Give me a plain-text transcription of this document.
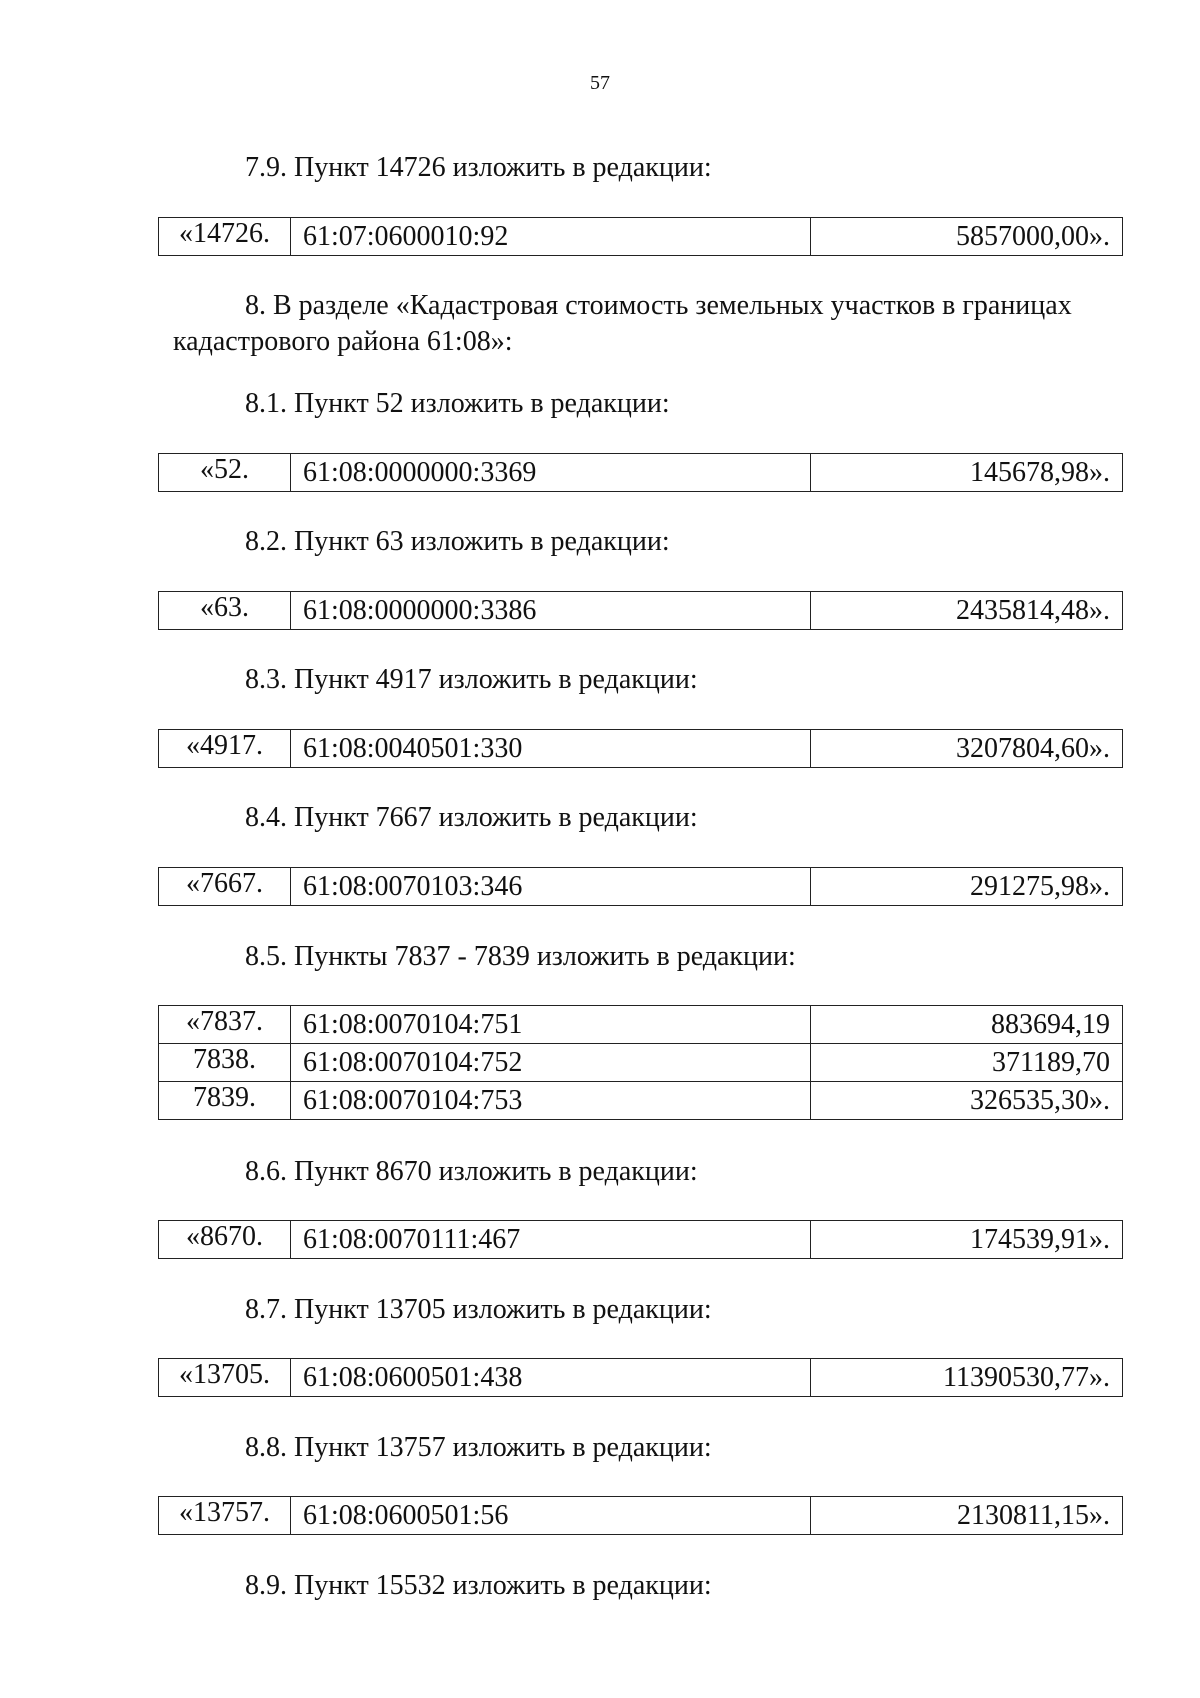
57

7.9. Пункт 14726 изложить в редакции:

«14726.	61:07:0600010:92	5857000,00».

8. В разделе «Кадастровая стоимость земельных участков в границах кадастрового района 61:08»:

8.1. Пункт 52 изложить в редакции:

«52.	61:08:0000000:3369	145678,98».

8.2. Пункт 63 изложить в редакции:

«63.	61:08:0000000:3386	2435814,48».

8.3. Пункт 4917 изложить в редакции:

«4917.	61:08:0040501:330	3207804,60».

8.4. Пункт 7667 изложить в редакции:

«7667.	61:08:0070103:346	291275,98».

8.5. Пункты 7837 - 7839 изложить в редакции:

«7837.	61:08:0070104:751	883694,19
7838.	61:08:0070104:752	371189,70
7839.	61:08:0070104:753	326535,30».

8.6. Пункт 8670 изложить в редакции:

«8670.	61:08:0070111:467	174539,91».

8.7. Пункт 13705 изложить в редакции:

«13705.	61:08:0600501:438	11390530,77».

8.8. Пункт 13757 изложить в редакции:

«13757.	61:08:0600501:56	2130811,15».

8.9. Пункт 15532 изложить в редакции:
